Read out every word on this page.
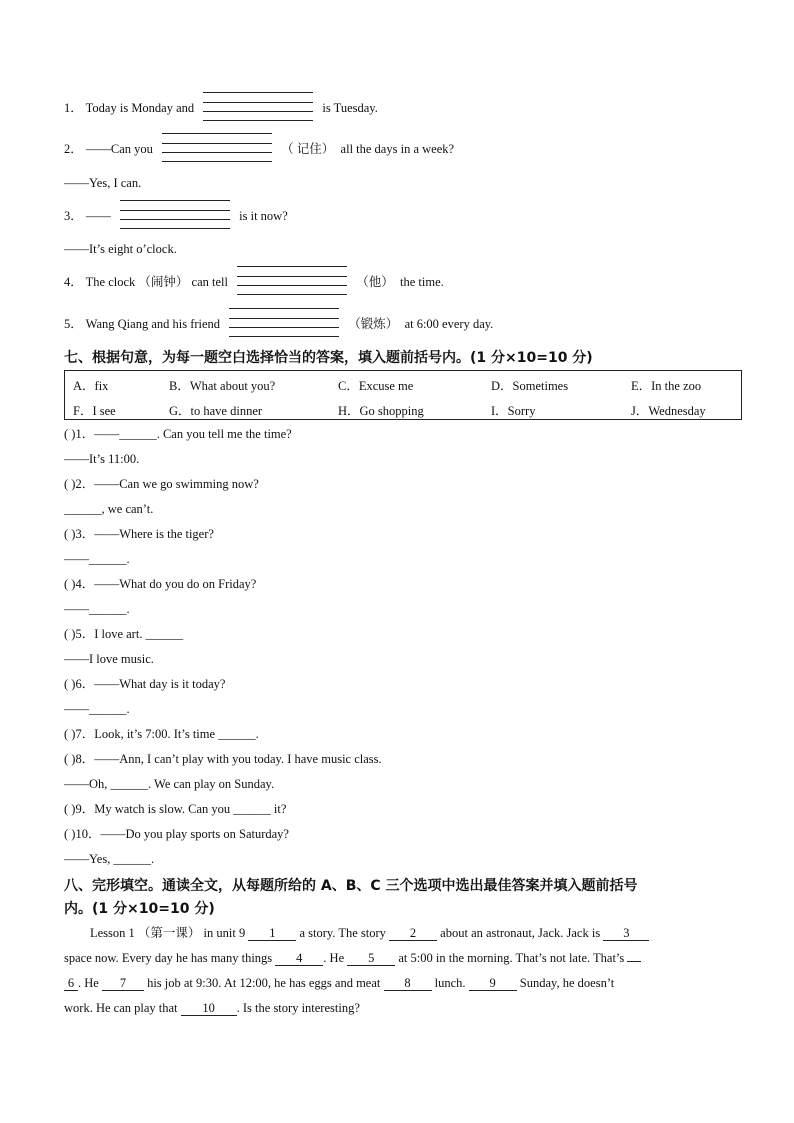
1． Today is Monday and	is Tuesday.
2． ——Can you	（ 记住） all the days in a week?
——Yes, I can.
3． ——	is it now?
——It’s eight o’clock.
4． The clock （闹钟） can tell	（他） the time.
5． Wang Qiang and his friend	（锻炼） at 6:00 every day.
七、根据句意，为每一题空白选择恰当的答案，填入题前括号内。(1 分×10=10 分)
A．fix	B．What about you?	C．Excuse me	D．Sometimes	E．In the zoo
F．I see	G．to have dinner	H．Go shopping	I．Sorry	J．Wednesday
( )1．——______. Can you tell me the time?
——It’s 11:00.
( )2．——Can we go swimming now?
______, we can’t.
( )3．——Where is the tiger?
——______.
( )4．——What do you do on Friday?
——______.
( )5．I love art. ______
——I love music.
( )6．——What day is it today?
——______.
( )7．Look, it’s 7:00. It’s time ______.
( )8．——Ann, I can’t play with you today. I have music class.
——Oh, ______. We can play on Sunday.
( )9．My watch is slow. Can you ______ it?
( )10．——Do you play sports on Saturday?
——Yes, ______.
八、完形填空。通读全文，从每题所给的 A、B、C 三个选项中选出最佳答案并填入题前括号
内。(1 分×10=10 分)
Lesson 1 （第一课） in unit 9 1 a story. The story 2 about an astronaut, Jack. Jack is 3
space now. Every day he has many things 4 . He 5 at 5:00 in the morning. That’s not late. That’s
6 . He 7 his job at 9:30. At 12:00, he has eggs and meat 8 lunch. 9 Sunday, he doesn’t
work. He can play that 10 . Is the story interesting?
